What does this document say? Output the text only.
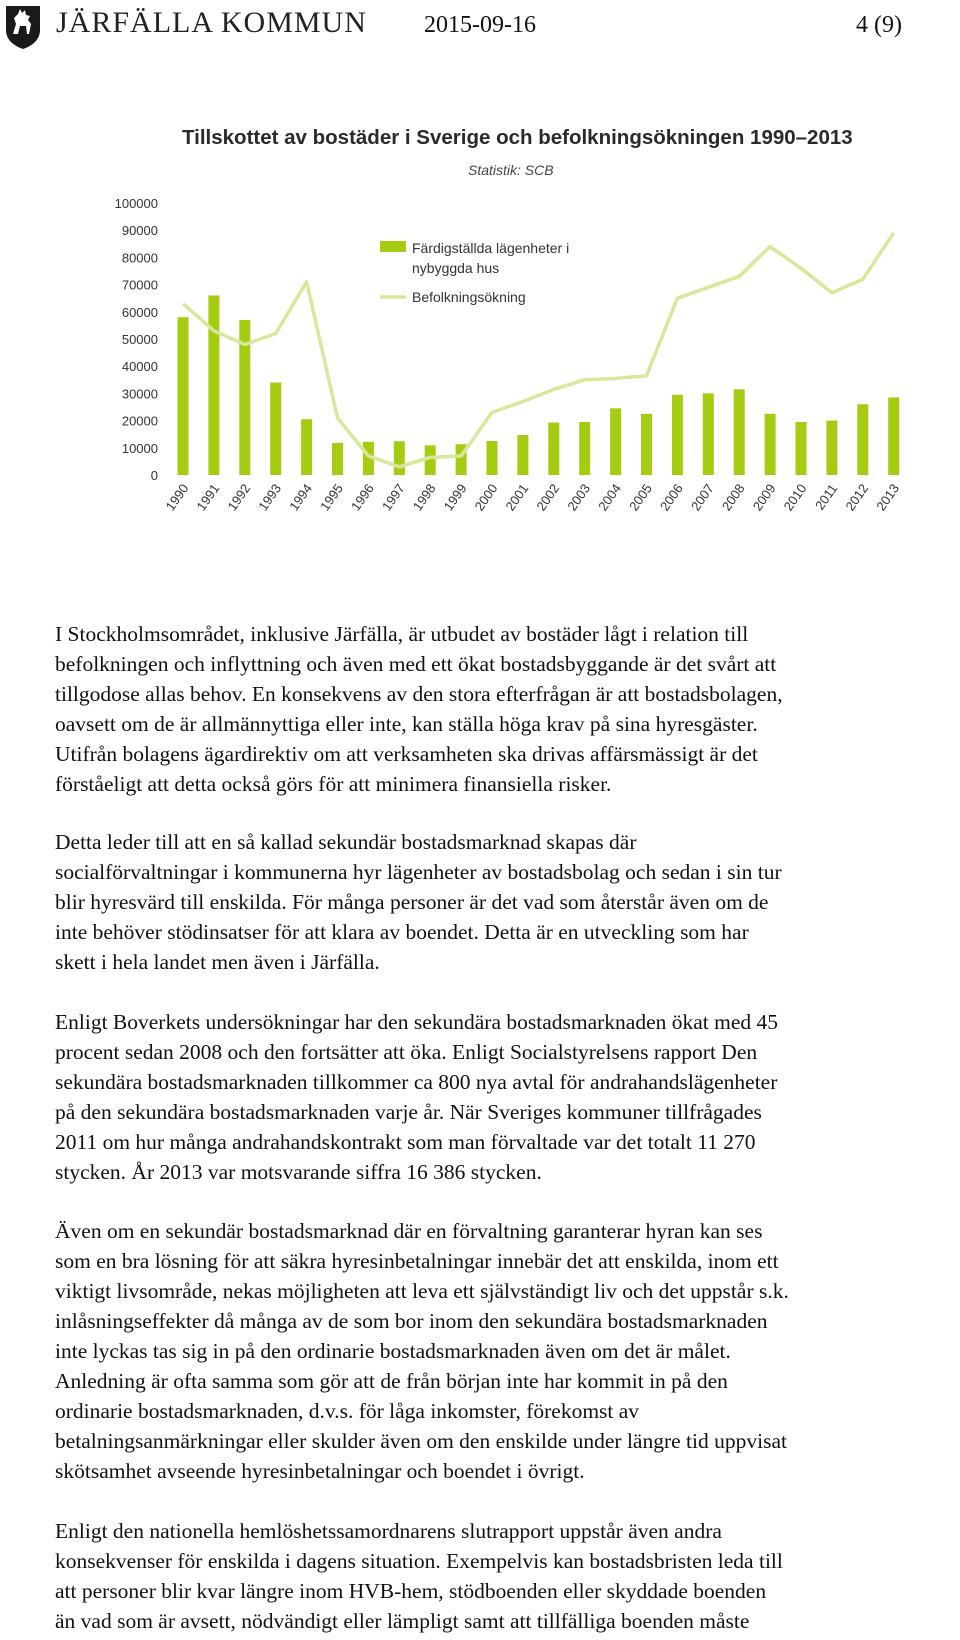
JÄRFÄLLA KOMMUN 2015-09-16	4 (9)
Tillskottet av bostäder i Sverige och befolkningsökningen 1990–2013
Statistik: SCB
0
10000
20000
30000
40000
50000
60000
70000
80000
90000
100000
1990 1991 1992 1993 1994 1995 1996 1997 1998 1999 2000 2001 2002 2003 2004 2005 2006 2007 2008 2009 2010 2011 2012 2013
Färdigställda lägenheter i
nybyggda hus
Befolkningsökning
I Stockholmsområdet, inklusive Järfälla, är utbudet av bostäder lågt i relation till
befolkningen och inflyttning och även med ett ökat bostadsbyggande är det svårt att
tillgodose allas behov. En konsekvens av den stora efterfrågan är att bostadsbolagen,
oavsett om de är allmännyttiga eller inte, kan ställa höga krav på sina hyresgäster.
Utifrån bolagens ägardirektiv om att verksamheten ska drivas affärsmässigt är det
förståeligt att detta också görs för att minimera finansiella risker.
Detta leder till att en så kallad sekundär bostadsmarknad skapas där
socialförvaltningar i kommunerna hyr lägenheter av bostadsbolag och sedan i sin tur
blir hyresvärd till enskilda. För många personer är det vad som återstår även om de
inte behöver stödinsatser för att klara av boendet. Detta är en utveckling som har
skett i hela landet men även i Järfälla.
Enligt Boverkets undersökningar har den sekundära bostadsmarknaden ökat med 45
procent sedan 2008 och den fortsätter att öka. Enligt Socialstyrelsens rapport Den
sekundära bostadsmarknaden tillkommer ca 800 nya avtal för andrahandslägenheter
på den sekundära bostadsmarknaden varje år. När Sveriges kommuner tillfrågades
2011 om hur många andrahandskontrakt som man förvaltade var det totalt 11 270
stycken. År 2013 var motsvarande siffra 16 386 stycken.
Även om en sekundär bostadsmarknad där en förvaltning garanterar hyran kan ses
som en bra lösning för att säkra hyresinbetalningar innebär det att enskilda, inom ett
viktigt livsområde, nekas möjligheten att leva ett självständigt liv och det uppstår s.k.
inlåsningseffekter då många av de som bor inom den sekundära bostadsmarknaden
inte lyckas tas sig in på den ordinarie bostadsmarknaden även om det är målet.
Anledning är ofta samma som gör att de från början inte har kommit in på den
ordinarie bostadsmarknaden, d.v.s. för låga inkomster, förekomst av
betalningsanmärkningar eller skulder även om den enskilde under längre tid uppvisat
skötsamhet avseende hyresinbetalningar och boendet i övrigt.
Enligt den nationella hemlöshetssamordnarens slutrapport uppstår även andra
konsekvenser för enskilda i dagens situation. Exempelvis kan bostadsbristen leda till
att personer blir kvar längre inom HVB-hem, stödboenden eller skyddade boenden
än vad som är avsett, nödvändigt eller lämpligt samt att tillfälliga boenden måste
